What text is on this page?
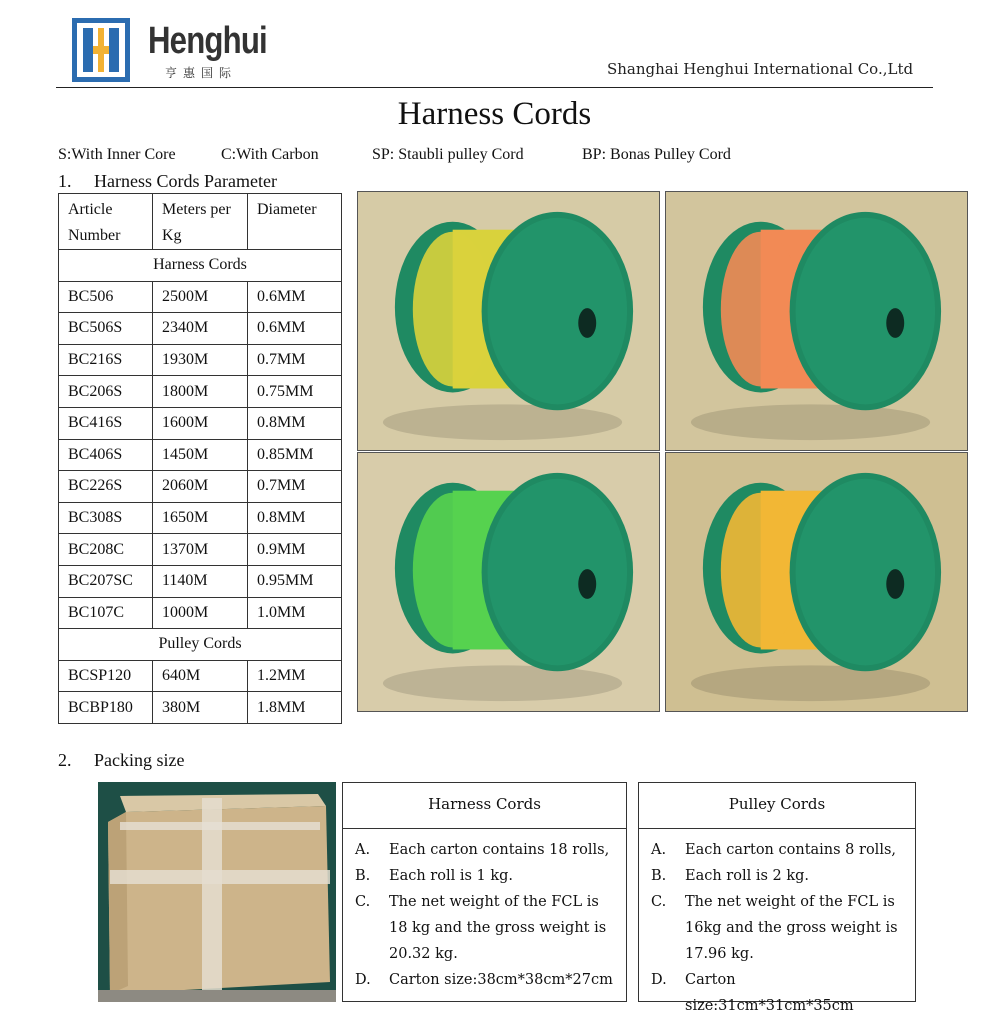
Henghui
亨惠国际	Shanghai Henghui International Co.,Ltd
Harness Cords
S:With Inner Core	C:With Carbon	SP: Staubli pulley Cord	BP: Bonas Pulley Cord
1. Harness Cords Parameter
Article Number	Meters per Kg	Diameter
Harness Cords		
BC506	2500M	0.6MM
BC506S	2340M	0.6MM
BC216S	1930M	0.7MM
BC206S	1800M	0.75MM
BC416S	1600M	0.8MM
BC406S	1450M	0.85MM
BC226S	2060M	0.7MM
BC308S	1650M	0.8MM
BC208C	1370M	0.9MM
BC207SC	1140M	0.95MM
BC107C	1000M	1.0MM
Pulley Cords		
BCSP120	640M	1.2MM
BCBP180	380M	1.8MM
2. Packing size
Harness Cords
A.	Each carton contains 18 rolls,
B.	Each roll is 1 kg.
C.	The net weight of the FCL is 18 kg and the gross weight is 20.32 kg.
D.	Carton size:38cm*38cm*27cm
Pulley Cords
A.	Each carton contains 8 rolls,
B.	Each roll is 2 kg.
C.	The net weight of the FCL is 16kg and the gross weight is 17.96 kg.
D.	Carton size:31cm*31cm*35cm
